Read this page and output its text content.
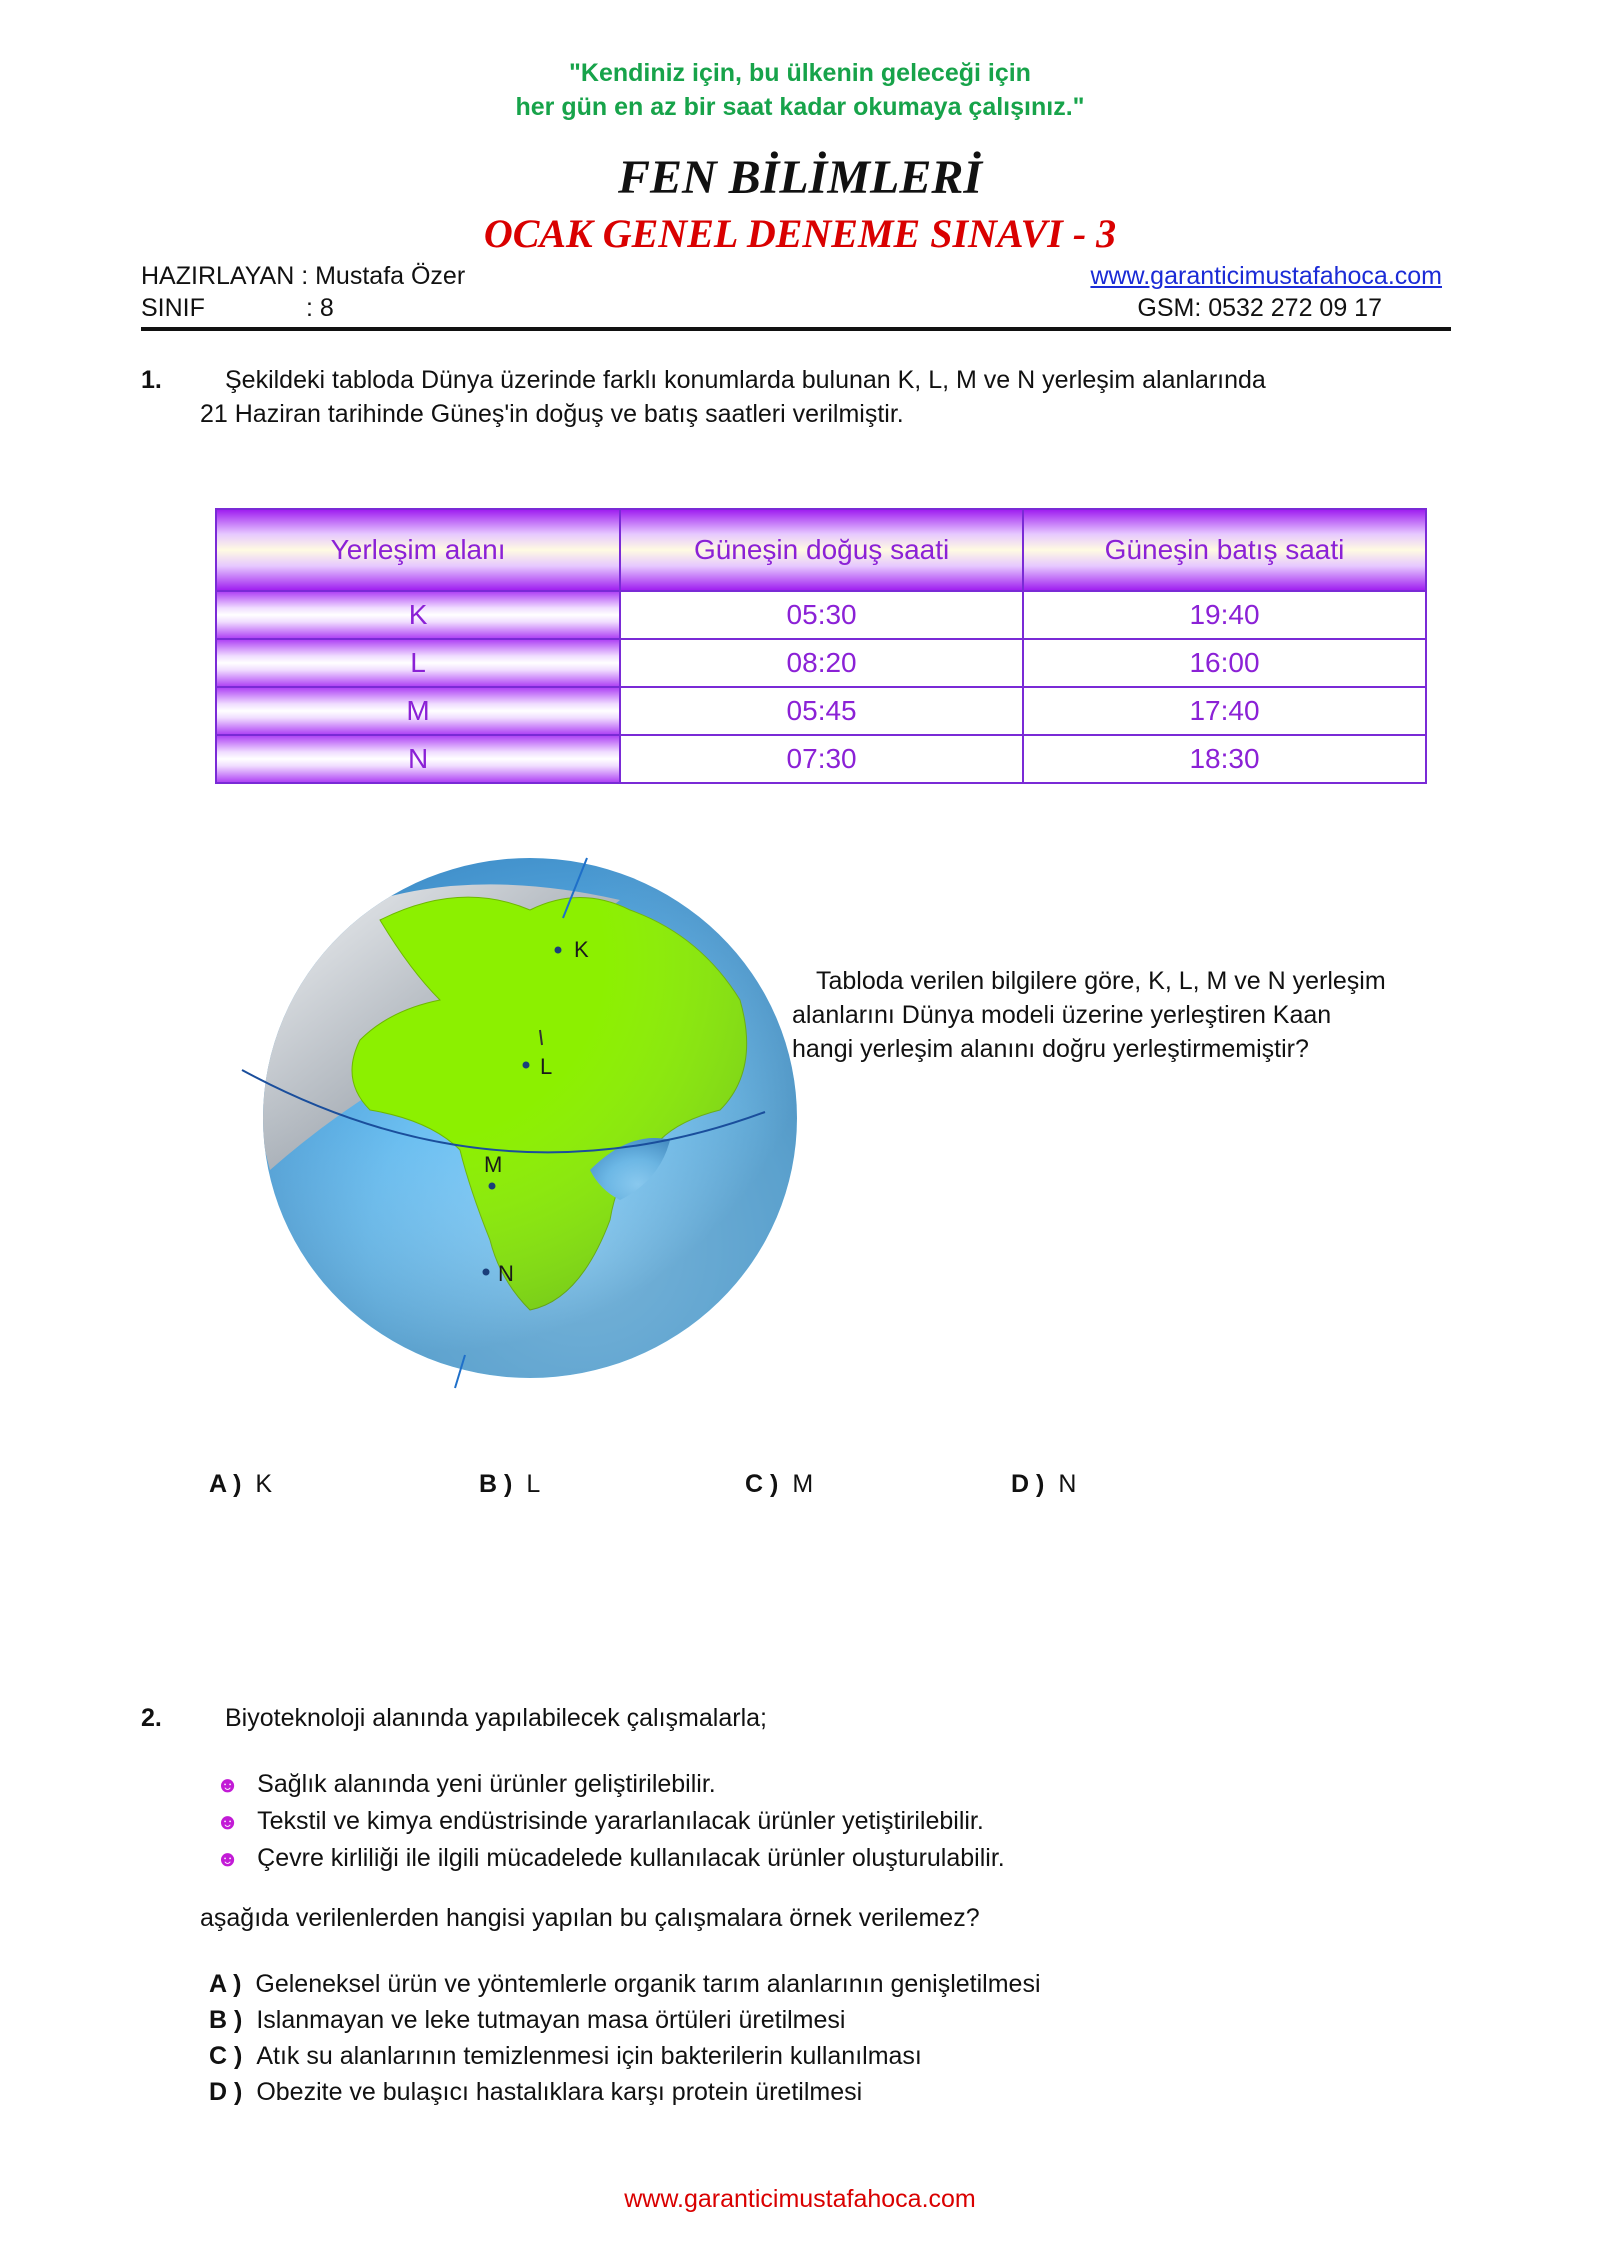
"Kendiniz için, bu ülkenin geleceği için
her gün en az bir saat kadar okumaya çalışınız."
FEN BİLİMLERİ
OCAK GENEL DENEME SINAVI - 3
HAZIRLAYAN : Mustafa Özer
SINIF	: 8
www.garanticimustafahoca.com
GSM: 0532 272 09 17
1.	Şekildeki tabloda Dünya üzerinde farklı konumlarda bulunan K, L, M ve N yerleşim alanlarında
21 Haziran tarihinde Güneş'in doğuş ve batış saatleri verilmiştir.
Yerleşim alanı	Güneşin doğuş saati	Güneşin batış saati
K	05:30	19:40
L	08:20	16:00
M	05:45	17:40
N	07:30	18:30
K
L
M
N
Tabloda verilen bilgilere göre, K, L, M ve N yerleşim
alanlarını Dünya modeli üzerine yerleştiren Kaan
hangi yerleşim alanını doğru yerleştirmemiştir?
A ) K	B ) L	C ) M	D ) N
2.	Biyoteknoloji alanında yapılabilecek çalışmalarla;
☻ Sağlık alanında yeni ürünler geliştirilebilir.
☻ Tekstil ve kimya endüstrisinde yararlanılacak ürünler yetiştirilebilir.
☻ Çevre kirliliği ile ilgili mücadelede kullanılacak ürünler oluşturulabilir.
aşağıda verilenlerden hangisi yapılan bu çalışmalara örnek verilemez?
A ) Geleneksel ürün ve yöntemlerle organik tarım alanlarının genişletilmesi
B ) Islanmayan ve leke tutmayan masa örtüleri üretilmesi
C ) Atık su alanlarının temizlenmesi için bakterilerin kullanılması
D ) Obezite ve bulaşıcı hastalıklara karşı protein üretilmesi
www.garanticimustafahoca.com
